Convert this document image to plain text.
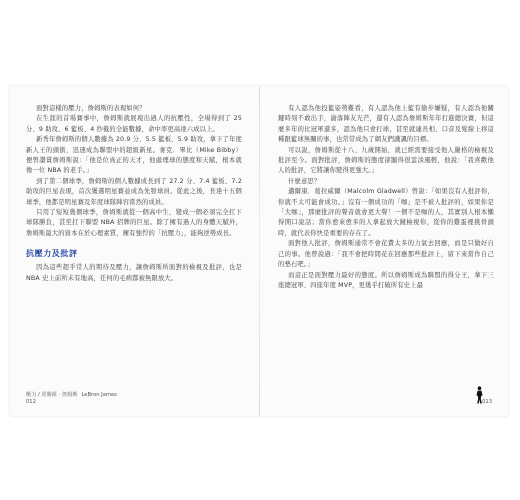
面對這樣的壓力，詹姆斯的表現如何？

在生涯的首場賽事中，詹姆斯就展現出過人的抗壓性，全場得到了 25 分、9 助攻、6 籃板、4 抄截的全能數據，命中率更高達六成以上。

新秀年詹姆斯的個人數據為 20.9 分、5.5 籃板、5.9 助攻，拿下了年度新人王的頭銜，迅速成為聯盟中的超級新星。麥克．畢比（Mike Bibby）便曾讚賞詹姆斯說：「他是位真正的天才，他處理球的態度和天賦，根本就像一位 NBA 的老手。」

到了第二個球季，詹姆斯的個人數據成長到了 27.2 分、7.4 籃板、7.2 助攻的巨星表現，首次獲選明星賽並成為先發球員。從此之後，長達十五個球季，他都是明星賽及年度球隊陣容當然的成員。

只用了短短幾個球季，詹姆斯就從一個高中生，變成一個必須完全扛下球隊勝負，甚至扛下聯盟 NBA 招牌的巨星。除了擁有過人的身體天賦外，詹姆斯最大的資本在於心理素質，擁有強悍的「抗壓力」，能夠逆勢成長。

抗壓力及批評

因為這些超乎常人的期待及壓力，讓詹姆斯所面對的檢視及批評，也是 NBA 史上前所未有地高，任何的毛病都被無限放大。

壓力 / 常勝組 · 詹姆斯 LeBron James
012

有人認為他投籃姿勢難看，有人認為他上籃有偷步嫌疑，有人認為他關鍵時刻不敢出手，淪落陣友光芒，還有人認為詹姆斯年年打進總決賽，但這麼多年的比冠軍還多，認為他只會打球，甚至就連長相、口音及髮線上移這種跟籃球無關的事，也常常成為了網友們譏諷的目標。

可以說，詹姆斯從十八、九歲開始，就已經需要接受他人嚴格的檢視及批評至今。面對批評，詹姆斯的態度卻顯得很雲淡風輕，他說：「我喜歡他人的批評，它將讓你變得更強大。」

什麼意思？

邁爾康．葛拉威爾（Malcolm Gladwell）曾說：「如果沒有人批評你，你就不太可能會成功。」沒有一個成功的「咖」是不被人批評的，如果你是「大咖」，那麼批評的聲音就會更大聲！一個不是咖的人，其實別人根本懶得開口說話；當你愈來愈多的人拿起放大鏡檢視你，從你的雞蛋裡挑骨頭時，就代表你快是重要的存在了。

面對他人批評，詹姆斯通常不會花費太多的力氣去回應，而是只做好自己的事。他曾說過：「我不會把時間花在回應那些批評上，留下來當作自己的墊石吧。」

而這正是面對壓力最好的態度。所以詹姆斯成為聯盟的得分王，拿下三座總冠軍、四座年度 MVP，更幾乎打破所有史上最

013
